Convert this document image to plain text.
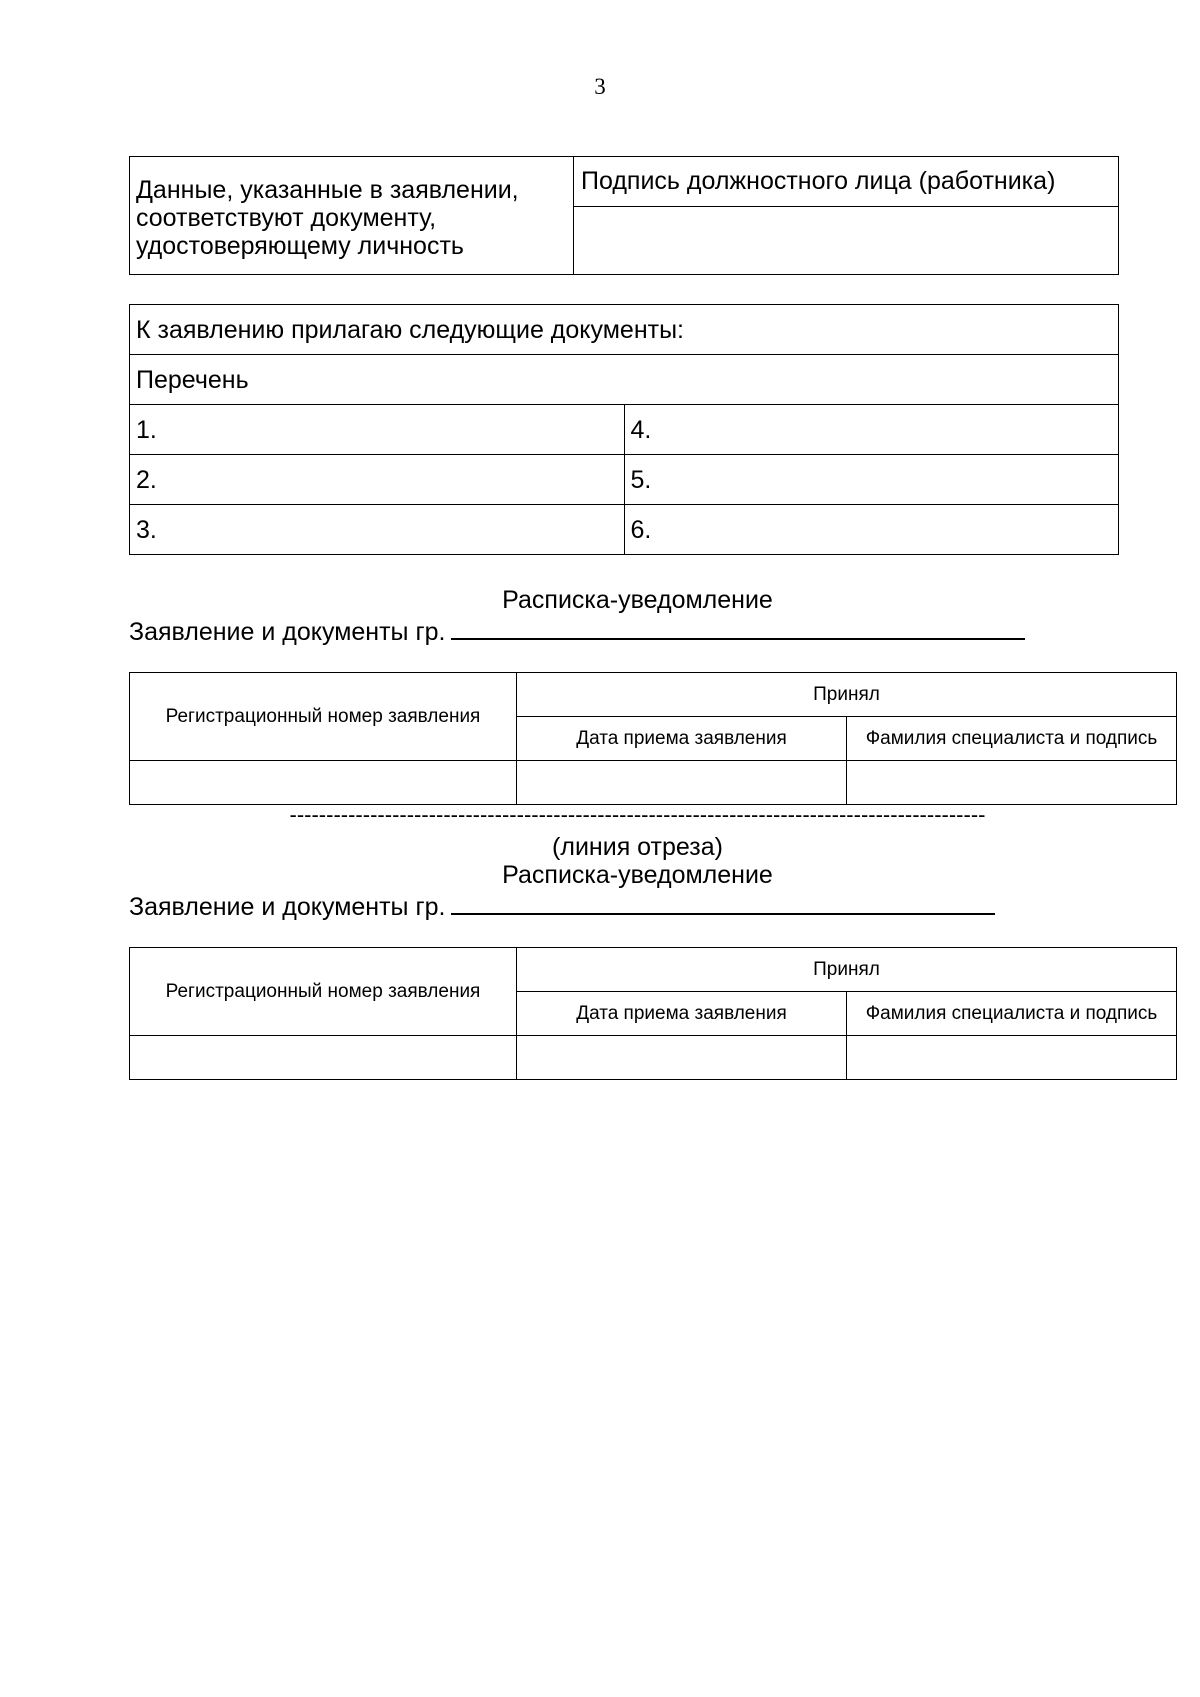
3
Данные, указанные в заявлении, соответствуют документу, удостоверяющему личность	Подпись должностного лица (работника)

К заявлению прилагаю следующие документы:	
Перечень	
1.	4.
2.	5.
3.	6.
Расписка-уведомление
Заявление и документы гр.
Регистрационный номер заявления	Принял	
	Дата приема заявления	Фамилия специалиста и подпись

-----------------------------------------------------------------------------------------------
(линия отреза)
Расписка-уведомление
Заявление и документы гр.
Регистрационный номер заявления	Принял	
	Дата приема заявления	Фамилия специалиста и подпись
